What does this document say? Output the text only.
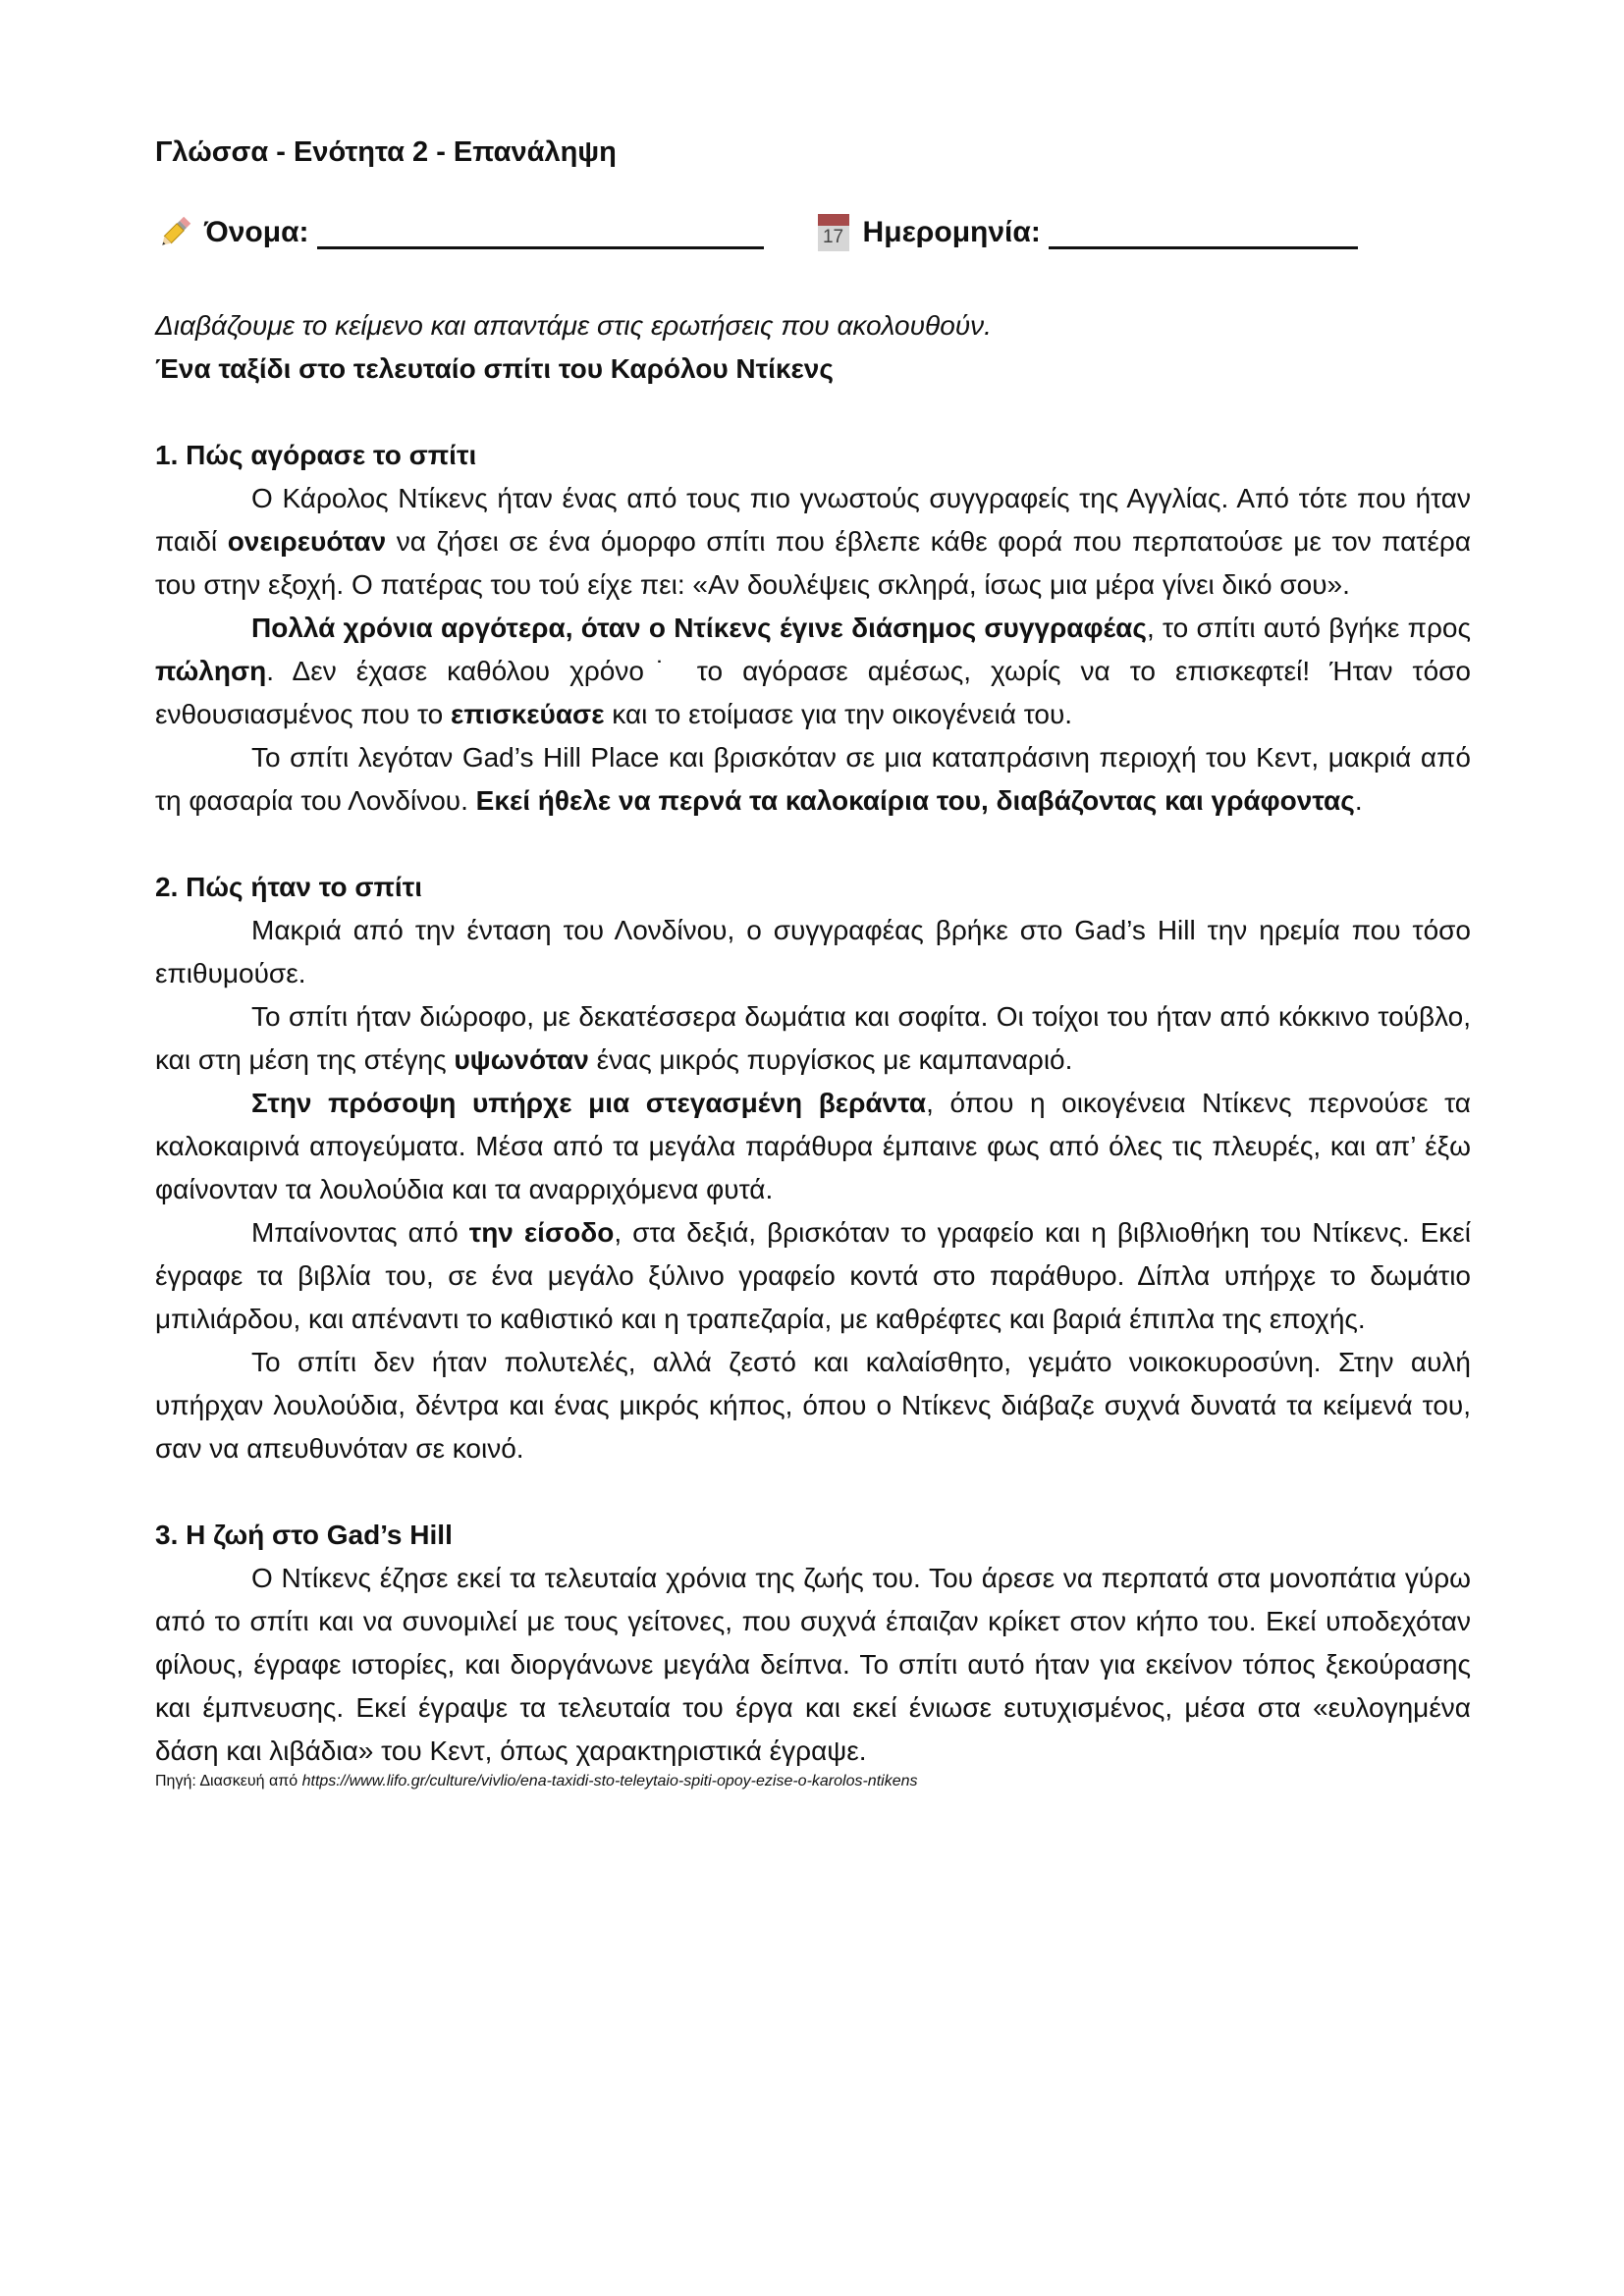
Γλώσσα - Ενότητα 2 - Επανάληψη
Όνομα:	17 Ημερομηνία:
Διαβάζουμε το κείμενο και απαντάμε στις ερωτήσεις που ακολουθούν.
Ένα ταξίδι στο τελευταίο σπίτι του Καρόλου Ντίκενς
1. Πώς αγόρασε το σπίτι

Ο Κάρολος Ντίκενς ήταν ένας από τους πιο γνωστούς συγγραφείς της Αγγλίας. Από τότε που ήταν παιδί ονειρευόταν να ζήσει σε ένα όμορφο σπίτι που έβλεπε κάθε φορά που περπατούσε με τον πατέρα του στην εξοχή. Ο πατέρας του τού είχε πει: «Αν δουλέψεις σκληρά, ίσως μια μέρα γίνει δικό σου».

Πολλά χρόνια αργότερα, όταν ο Ντίκενς έγινε διάσημος συγγραφέας, το σπίτι αυτό βγήκε προς πώληση. Δεν έχασε καθόλου χρόνο˙ το αγόρασε αμέσως, χωρίς να το επισκεφτεί! Ήταν τόσο ενθουσιασμένος που το επισκεύασε και το ετοίμασε για την οικογένειά του.

Το σπίτι λεγόταν Gad’s Hill Place και βρισκόταν σε μια καταπράσινη περιοχή του Κεντ, μακριά από τη φασαρία του Λονδίνου. Εκεί ήθελε να περνά τα καλοκαίρια του, διαβάζοντας και γράφοντας.

2. Πώς ήταν το σπίτι

Μακριά από την ένταση του Λονδίνου, ο συγγραφέας βρήκε στο Gad’s Hill την ηρεμία που τόσο επιθυμούσε.

Το σπίτι ήταν διώροφο, με δεκατέσσερα δωμάτια και σοφίτα. Οι τοίχοι του ήταν από κόκκινο τούβλο, και στη μέση της στέγης υψωνόταν ένας μικρός πυργίσκος με καμπαναριό.

Στην πρόσοψη υπήρχε μια στεγασμένη βεράντα, όπου η οικογένεια Ντίκενς περνούσε τα καλοκαιρινά απογεύματα. Μέσα από τα μεγάλα παράθυρα έμπαινε φως από όλες τις πλευρές, και απ’ έξω φαίνονταν τα λουλούδια και τα αναρριχόμενα φυτά.

Μπαίνοντας από την είσοδο, στα δεξιά, βρισκόταν το γραφείο και η βιβλιοθήκη του Ντίκενς. Εκεί έγραφε τα βιβλία του, σε ένα μεγάλο ξύλινο γραφείο κοντά στο παράθυρο. Δίπλα υπήρχε το δωμάτιο μπιλιάρδου, και απέναντι το καθιστικό και η τραπεζαρία, με καθρέφτες και βαριά έπιπλα της εποχής.

Το σπίτι δεν ήταν πολυτελές, αλλά ζεστό και καλαίσθητο, γεμάτο νοικοκυροσύνη. Στην αυλή υπήρχαν λουλούδια, δέντρα και ένας μικρός κήπος, όπου ο Ντίκενς διάβαζε συχνά δυνατά τα κείμενά του, σαν να απευθυνόταν σε κοινό.

3. Η ζωή στο Gad’s Hill

Ο Ντίκενς έζησε εκεί τα τελευταία χρόνια της ζωής του. Του άρεσε να περπατά στα μονοπάτια γύρω από το σπίτι και να συνομιλεί με τους γείτονες, που συχνά έπαιζαν κρίκετ στον κήπο του. Εκεί υποδεχόταν φίλους, έγραφε ιστορίες, και διοργάνωνε μεγάλα δείπνα. Το σπίτι αυτό ήταν για εκείνον τόπος ξεκούρασης και έμπνευσης. Εκεί έγραψε τα τελευταία του έργα και εκεί ένιωσε ευτυχισμένος, μέσα στα «ευλογημένα δάση και λιβάδια» του Κεντ, όπως χαρακτηριστικά έγραψε.

Πηγή: Διασκευή από https://www.lifo.gr/culture/vivlio/ena-taxidi-sto-teleytaio-spiti-opoy-ezise-o-karolos-ntikens
